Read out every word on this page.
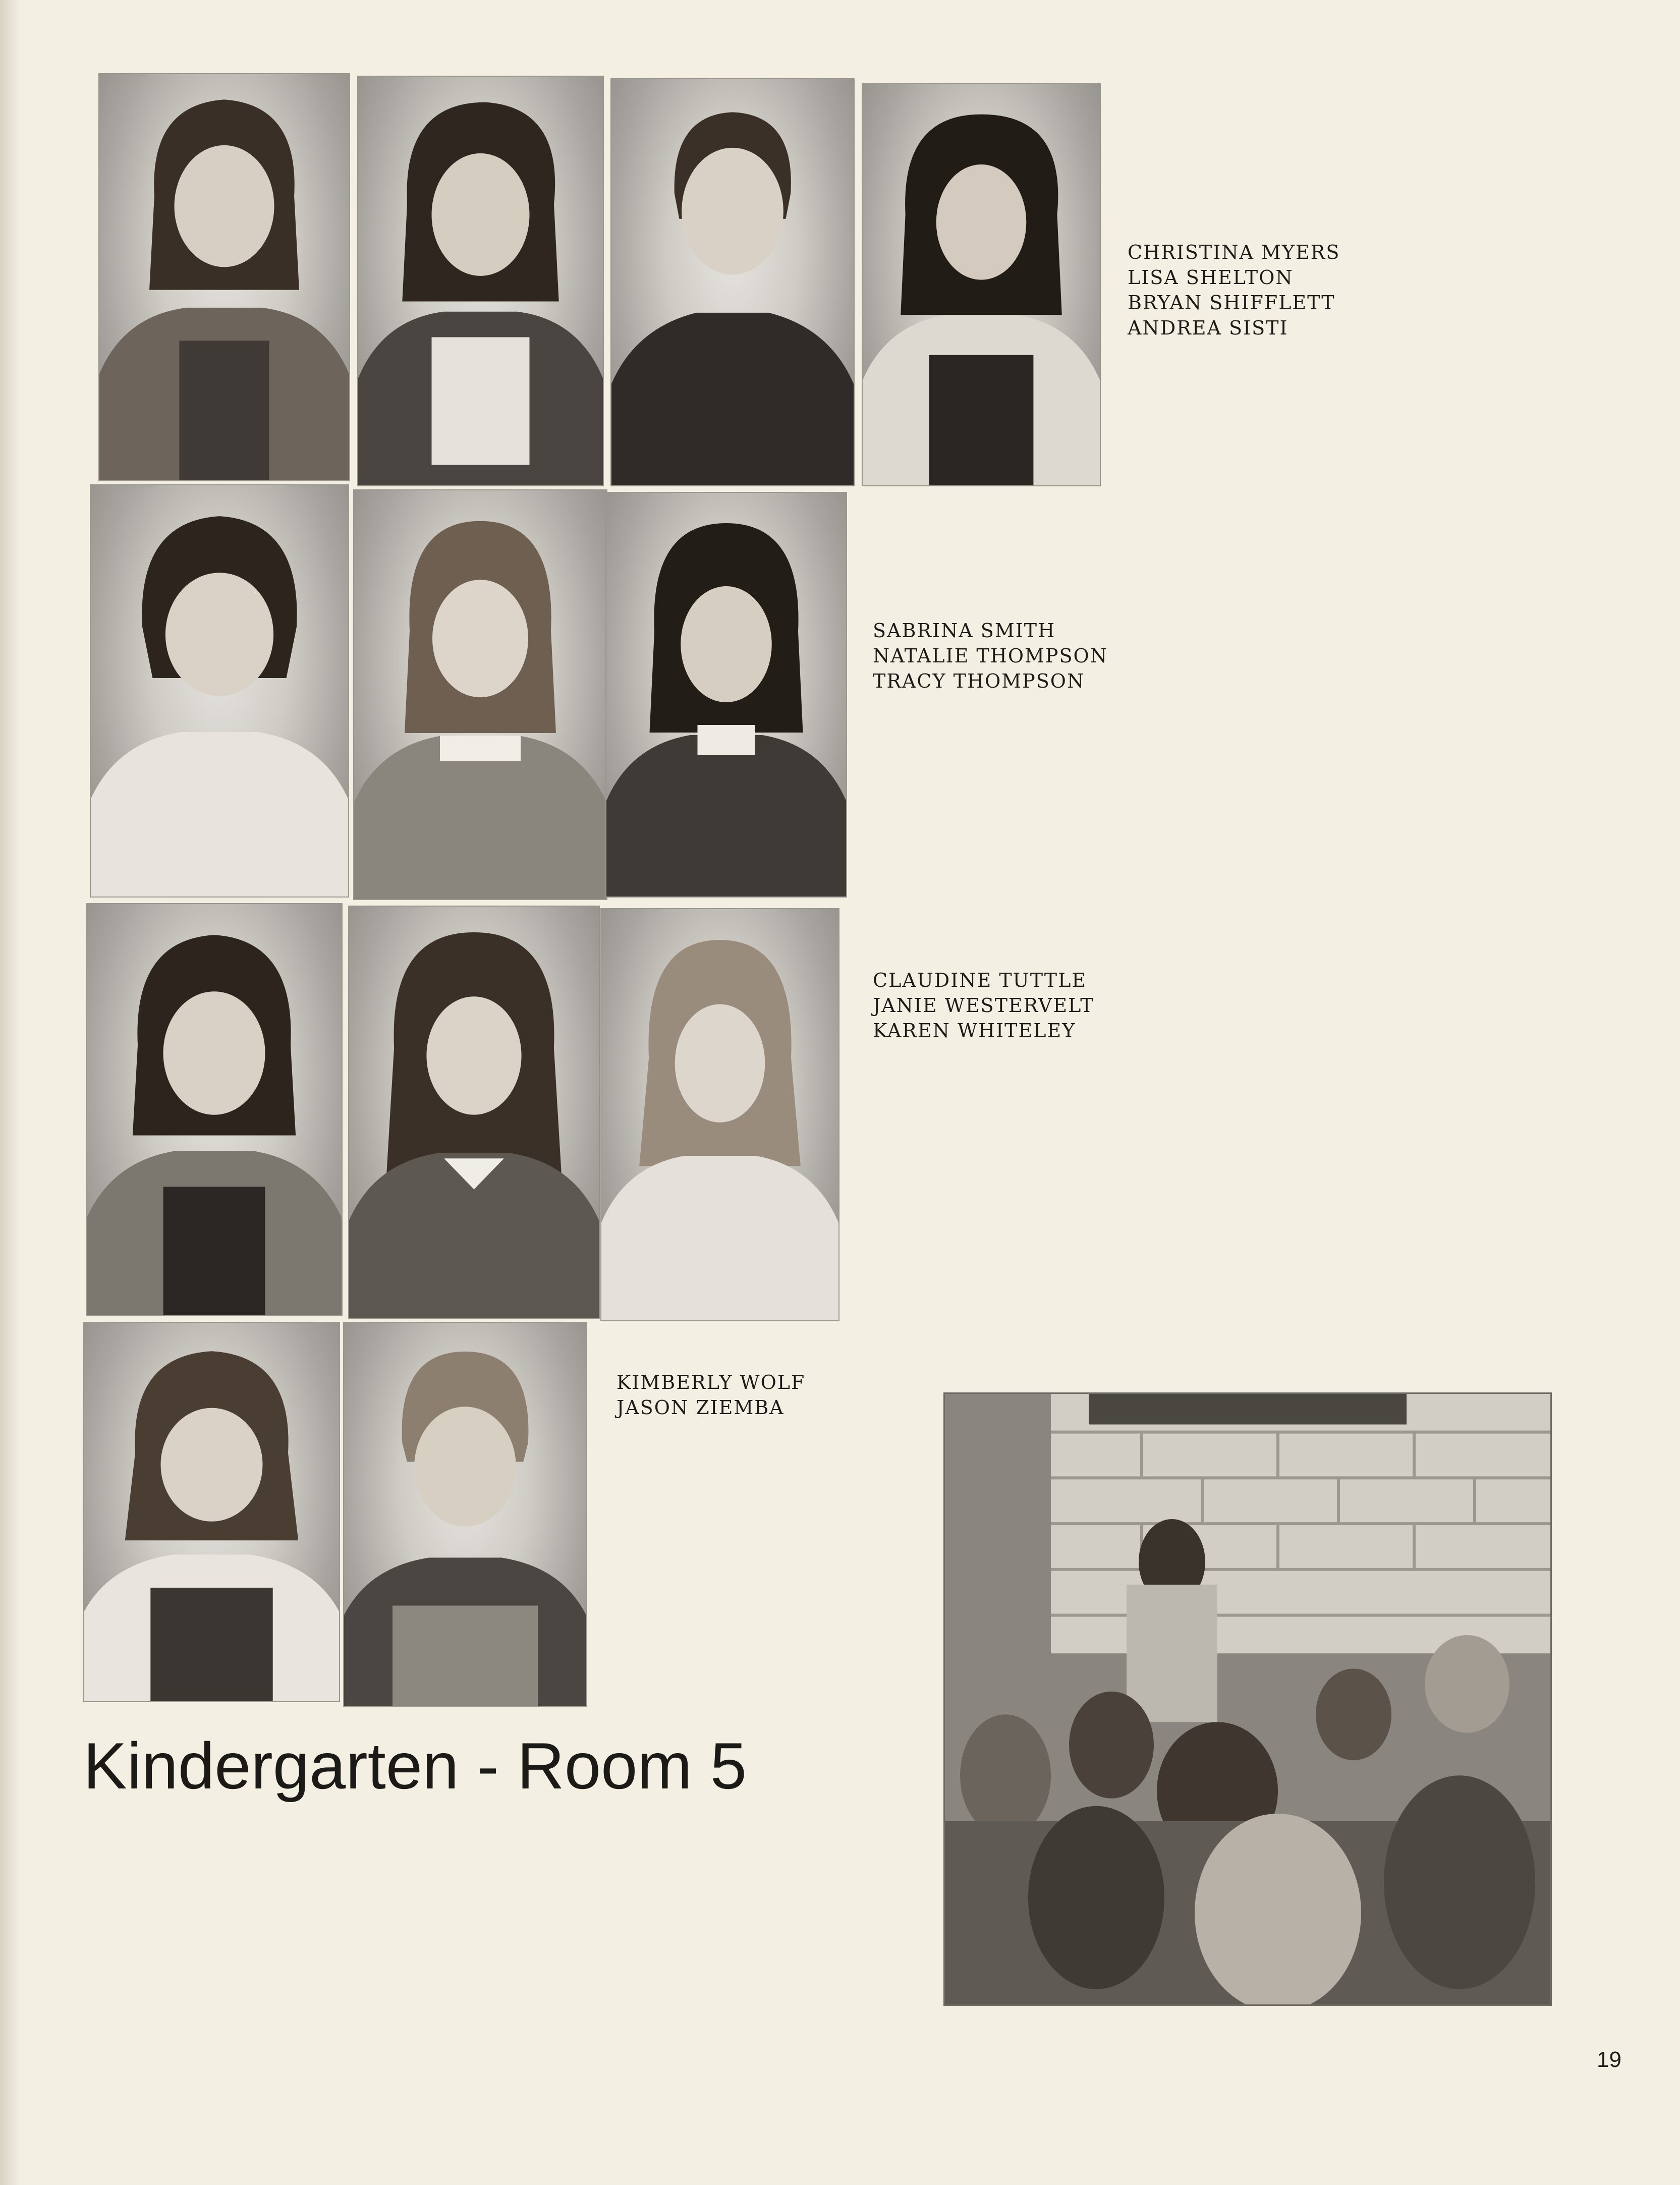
CHRISTINA MYERS
LISA SHELTON
BRYAN SHIFFLETT
ANDREA SISTI
SABRINA SMITH
NATALIE THOMPSON
TRACY THOMPSON
CLAUDINE TUTTLE
JANIE WESTERVELT
KAREN WHITELEY
KIMBERLY WOLF
JASON ZIEMBA
Kindergarten - Room 5
19
